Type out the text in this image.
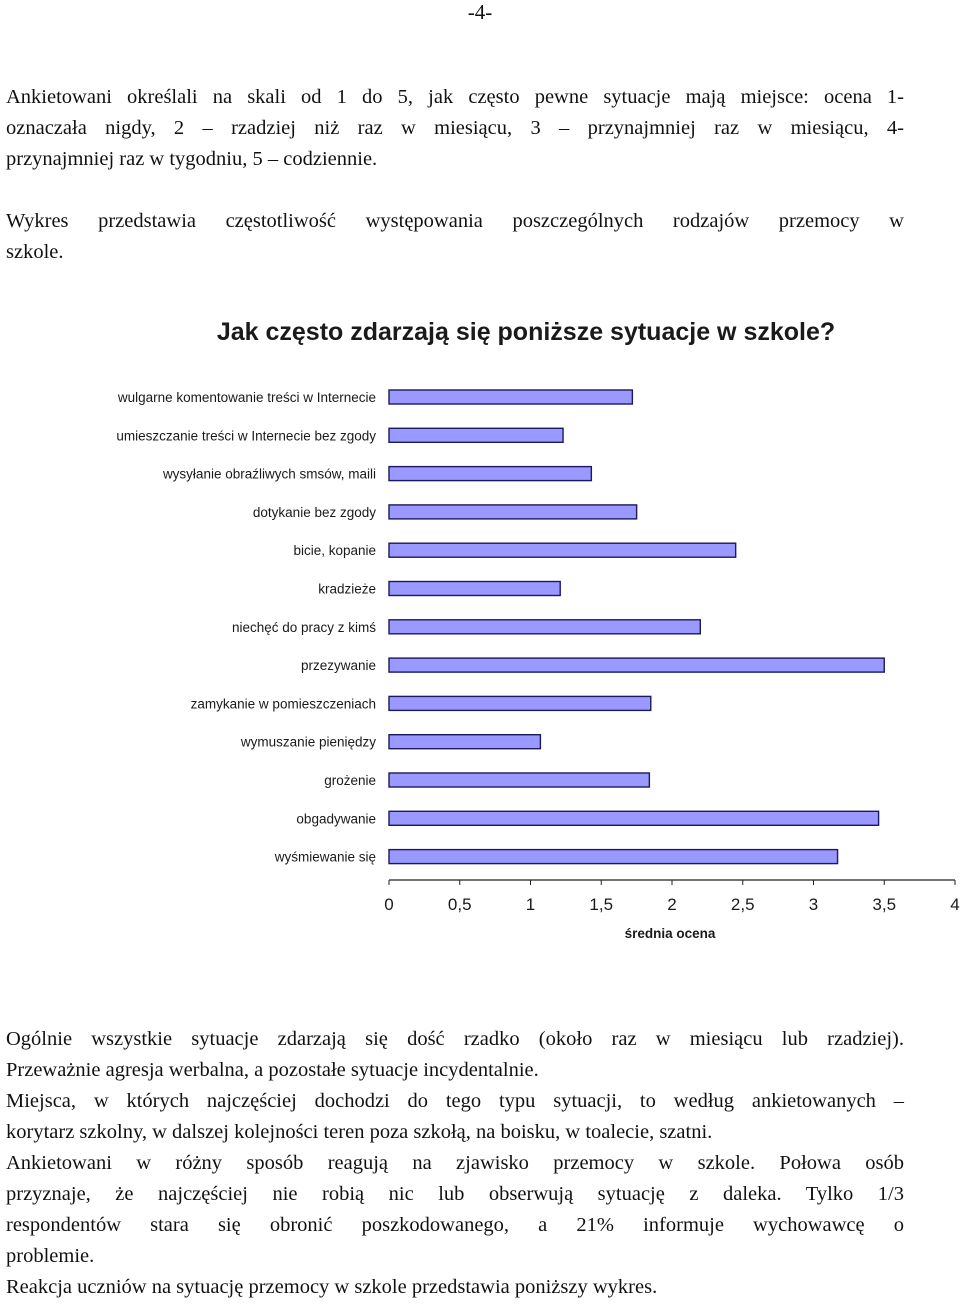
-4-
Ankietowani określali na skali od 1 do 5, jak często pewne sytuacje mają miejsce: ocena 1-
oznaczała nigdy, 2 – rzadziej niż raz w miesiącu, 3 – przynajmniej raz w miesiącu, 4-
przynajmniej raz w tygodniu, 5 – codziennie.
Wykres przedstawia częstotliwość występowania poszczególnych rodzajów przemocy w
szkole.
Jak często zdarzają się poniższe sytuacje w szkole?
wulgarne komentowanie treści w Internecie
umieszczanie treści w Internecie bez zgody
wysyłanie obraźliwych smsów, maili
dotykanie bez zgody
bicie, kopanie
kradzieże
niechęć do pracy z kimś
przezywanie
zamykanie w pomieszczeniach
wymuszanie pieniędzy
grożenie
obgadywanie
wyśmiewanie się
0	0,5	1	1,5	2	2,5	3	3,5	4
średnia ocena
Ogólnie wszystkie sytuacje zdarzają się dość rzadko (około raz w miesiącu lub rzadziej).
Przeważnie agresja werbalna, a pozostałe sytuacje incydentalnie.
Miejsca, w których najczęściej dochodzi do tego typu sytuacji, to według ankietowanych –
korytarz szkolny, w dalszej kolejności teren poza szkołą, na boisku, w toalecie, szatni.
Ankietowani w różny sposób reagują na zjawisko przemocy w szkole. Połowa osób
przyznaje, że najczęściej nie robią nic lub obserwują sytuację z daleka. Tylko 1/3
respondentów stara się obronić poszkodowanego, a 21% informuje wychowawcę o
problemie.
Reakcja uczniów na sytuację przemocy w szkole przedstawia poniższy wykres.
